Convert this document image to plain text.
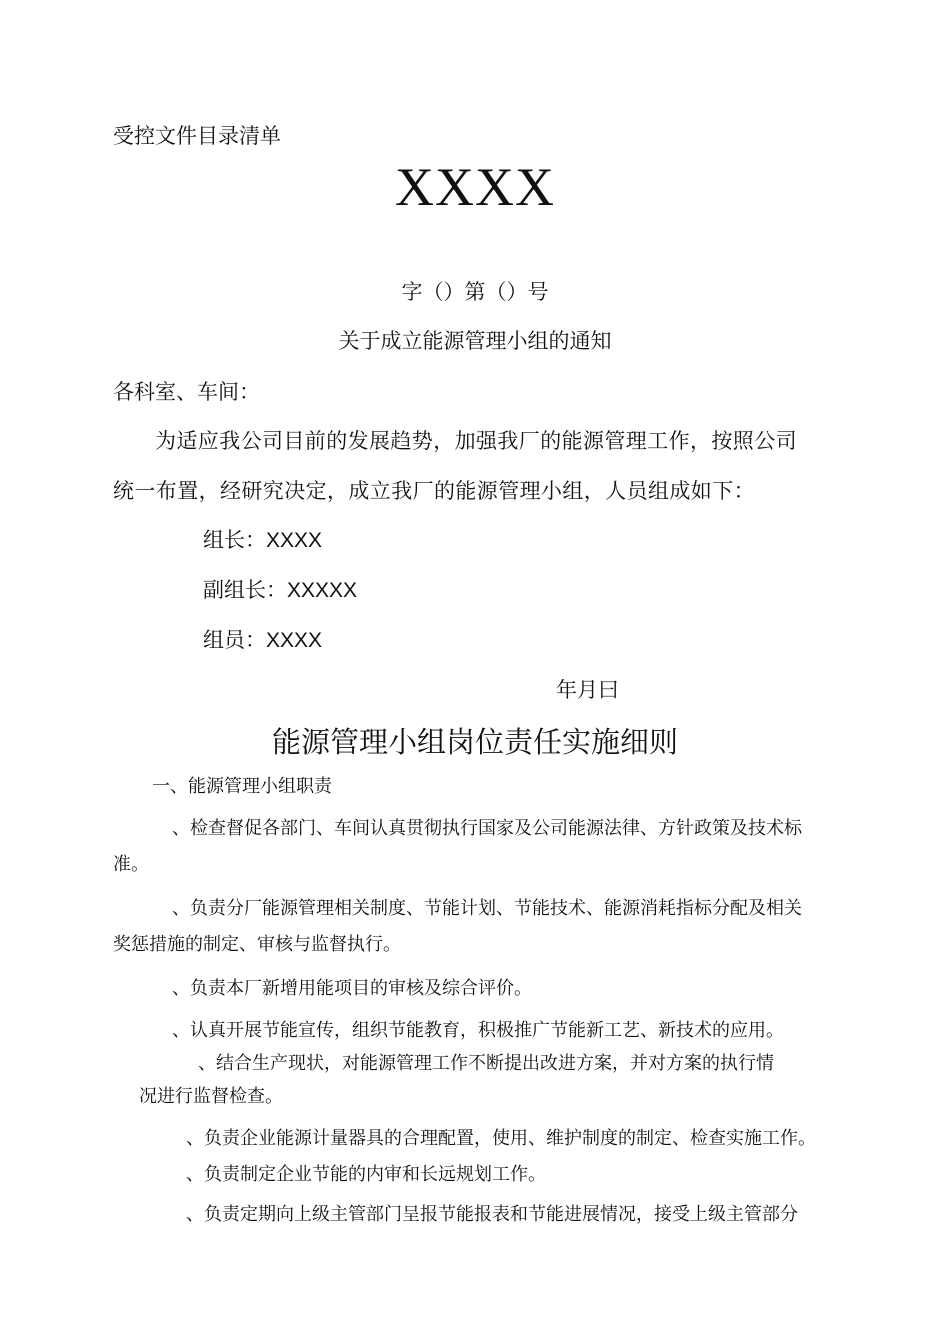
受控文件目录清单
XXXX
字（）第（）号
关于成立能源管理小组的通知
各科室、车间：
为适应我公司目前的发展趋势，加强我厂的能源管理工作，按照公司
统一布置，经研究决定，成立我厂的能源管理小组，人员组成如下：
组长：XXXX
副组长：XXXXX
组员：XXXX
年月曰
能源管理小组岗位责任实施细则
一、能源管理小组职责
、检查督促各部门、车间认真贯彻执行国家及公司能源法律、方针政策及技术标
准。
、负责分厂能源管理相关制度、节能计划、节能技术、能源消耗指标分配及相关
奖惩措施的制定、审核与监督执行。
、负责本厂新增用能项目的审核及综合评价。
、认真开展节能宣传，组织节能教育，积极推广节能新工艺、新技术的应用。
、结合生产现状，对能源管理工作不断提出改进方案，并对方案的执行情
况进行监督检查。
、负责企业能源计量器具的合理配置，使用、维护制度的制定、检查实施工作。
、负责制定企业节能的内审和长远规划工作。
、负责定期向上级主管部门呈报节能报表和节能进展情况，接受上级主管部分
